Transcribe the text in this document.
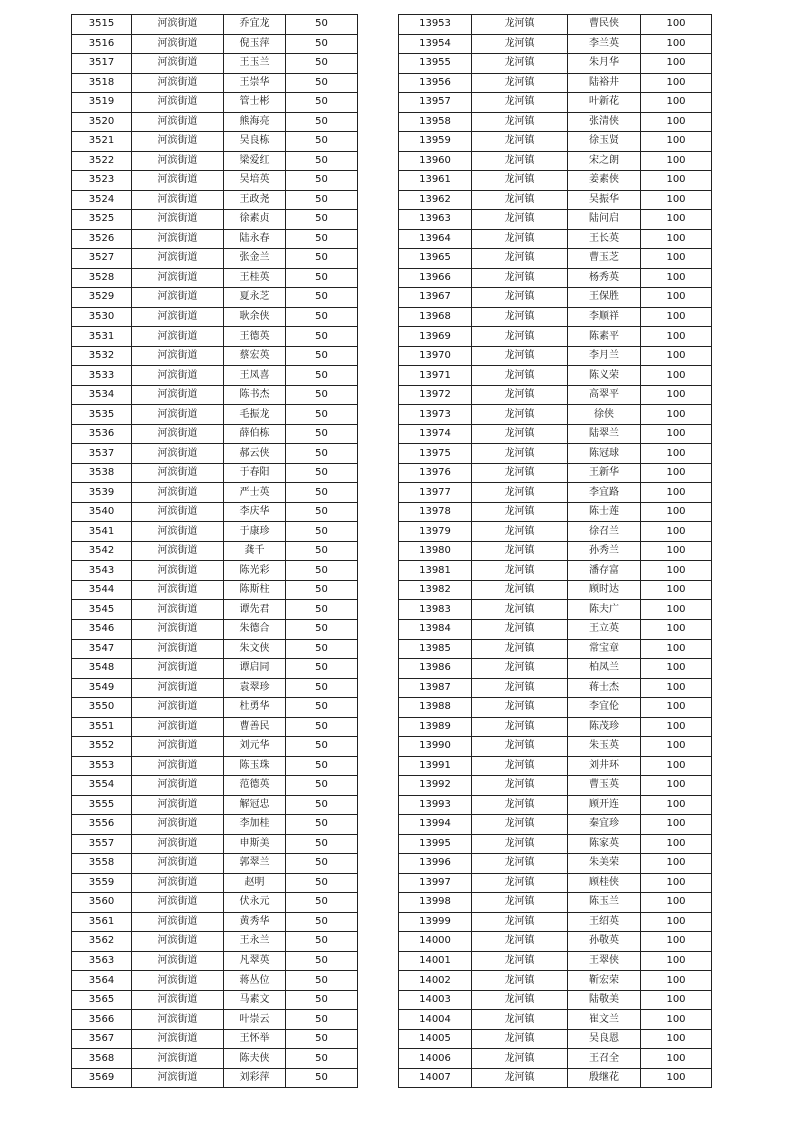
3515	河滨街道	乔宜龙	50
3516	河滨街道	倪玉萍	50
3517	河滨街道	王玉兰	50
3518	河滨街道	王崇华	50
3519	河滨街道	管士彬	50
3520	河滨街道	熊海亮	50
3521	河滨街道	吴良栋	50
3522	河滨街道	梁爱红	50
3523	河滨街道	吴培英	50
3524	河滨街道	王政尧	50
3525	河滨街道	徐素贞	50
3526	河滨街道	陆永春	50
3527	河滨街道	张金兰	50
3528	河滨街道	王桂英	50
3529	河滨街道	夏永芝	50
3530	河滨街道	耿余侠	50
3531	河滨街道	王德英	50
3532	河滨街道	蔡宏英	50
3533	河滨街道	王凤喜	50
3534	河滨街道	陈书杰	50
3535	河滨街道	毛振龙	50
3536	河滨街道	薛伯栋	50
3537	河滨街道	郝云侠	50
3538	河滨街道	于春阳	50
3539	河滨街道	严士英	50
3540	河滨街道	李庆华	50
3541	河滨街道	于康珍	50
3542	河滨街道	龚千	50
3543	河滨街道	陈光彩	50
3544	河滨街道	陈斯柱	50
3545	河滨街道	谭先君	50
3546	河滨街道	朱德合	50
3547	河滨街道	朱文侠	50
3548	河滨街道	谭启同	50
3549	河滨街道	袁翠珍	50
3550	河滨街道	杜勇华	50
3551	河滨街道	曹善民	50
3552	河滨街道	刘元华	50
3553	河滨街道	陈玉珠	50
3554	河滨街道	范德英	50
3555	河滨街道	解冠忠	50
3556	河滨街道	李加桂	50
3557	河滨街道	申斯美	50
3558	河滨街道	郭翠兰	50
3559	河滨街道	赵明	50
3560	河滨街道	伏永元	50
3561	河滨街道	黄秀华	50
3562	河滨街道	王永兰	50
3563	河滨街道	凡翠英	50
3564	河滨街道	蒋丛位	50
3565	河滨街道	马素文	50
3566	河滨街道	叶崇云	50
3567	河滨街道	王怀举	50
3568	河滨街道	陈夫侠	50
3569	河滨街道	刘彩萍	50
13953	龙河镇	曹民侠	100
13954	龙河镇	李兰英	100
13955	龙河镇	朱月华	100
13956	龙河镇	陆裕井	100
13957	龙河镇	叶新花	100
13958	龙河镇	张清侠	100
13959	龙河镇	徐玉贤	100
13960	龙河镇	宋之朗	100
13961	龙河镇	姜素侠	100
13962	龙河镇	吴振华	100
13963	龙河镇	陆问启	100
13964	龙河镇	王长英	100
13965	龙河镇	曹玉芝	100
13966	龙河镇	杨秀英	100
13967	龙河镇	王保胜	100
13968	龙河镇	李顺祥	100
13969	龙河镇	陈素平	100
13970	龙河镇	李月兰	100
13971	龙河镇	陈义荣	100
13972	龙河镇	高翠平	100
13973	龙河镇	徐侠	100
13974	龙河镇	陆翠兰	100
13975	龙河镇	陈冠球	100
13976	龙河镇	王新华	100
13977	龙河镇	李宜路	100
13978	龙河镇	陈士莲	100
13979	龙河镇	徐召兰	100
13980	龙河镇	孙秀兰	100
13981	龙河镇	潘存富	100
13982	龙河镇	顾时达	100
13983	龙河镇	陈夫广	100
13984	龙河镇	王立英	100
13985	龙河镇	常宝章	100
13986	龙河镇	柏凤兰	100
13987	龙河镇	蒋士杰	100
13988	龙河镇	李宜伦	100
13989	龙河镇	陈茂珍	100
13990	龙河镇	朱玉英	100
13991	龙河镇	刘井环	100
13992	龙河镇	曹玉英	100
13993	龙河镇	顾开连	100
13994	龙河镇	秦宜珍	100
13995	龙河镇	陈家英	100
13996	龙河镇	朱美荣	100
13997	龙河镇	顾桂侠	100
13998	龙河镇	陈玉兰	100
13999	龙河镇	王绍英	100
14000	龙河镇	孙敬英	100
14001	龙河镇	王翠侠	100
14002	龙河镇	靳宏荣	100
14003	龙河镇	陆敬美	100
14004	龙河镇	崔文兰	100
14005	龙河镇	吴良恩	100
14006	龙河镇	王召全	100
14007	龙河镇	殷继花	100
